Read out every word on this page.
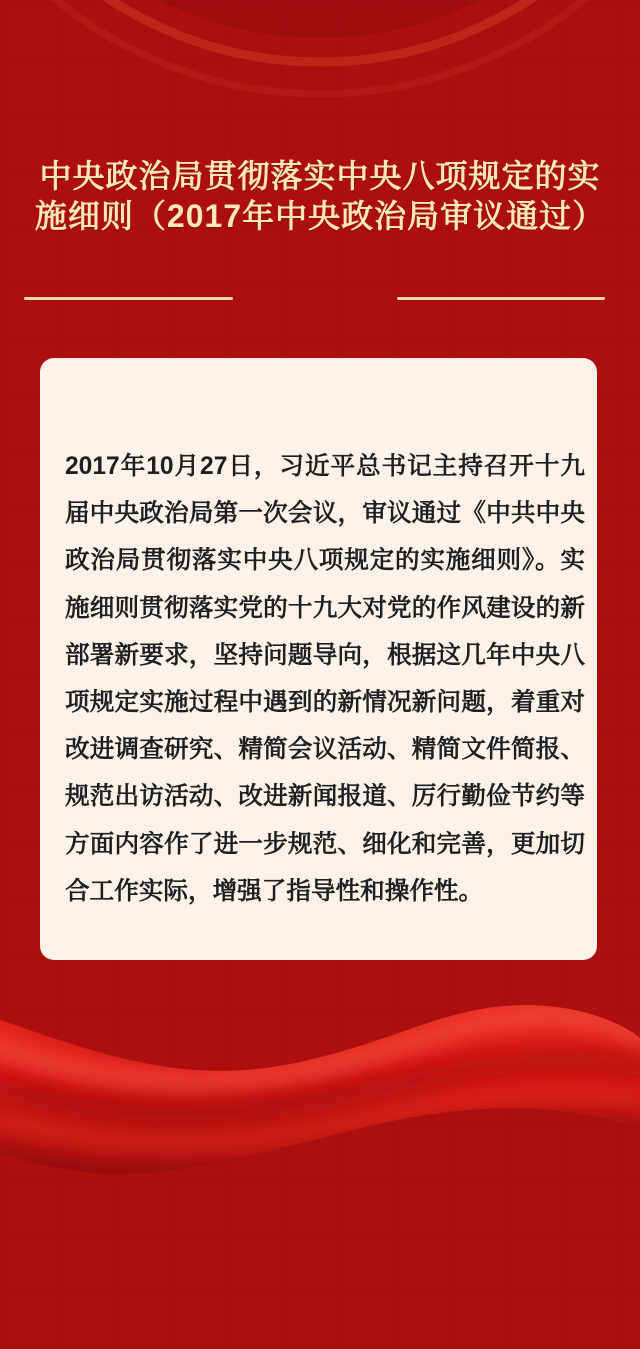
中央政治局贯彻落实中央八项规定的实
施细则（2017年中央政治局审议通过）

2017年10月27日，习近平总书记主持召开十九届中央政治局第一次会议，审议通过《中共中央政治局贯彻落实中央八项规定的实施细则》。实施细则贯彻落实党的十九大对党的作风建设的新部署新要求，坚持问题导向，根据这几年中央八项规定实施过程中遇到的新情况新问题，着重对改进调查研究、精简会议活动、精简文件简报、规范出访活动、改进新闻报道、厉行勤俭节约等方面内容作了进一步规范、细化和完善，更加切合工作实际，增强了指导性和操作性。
